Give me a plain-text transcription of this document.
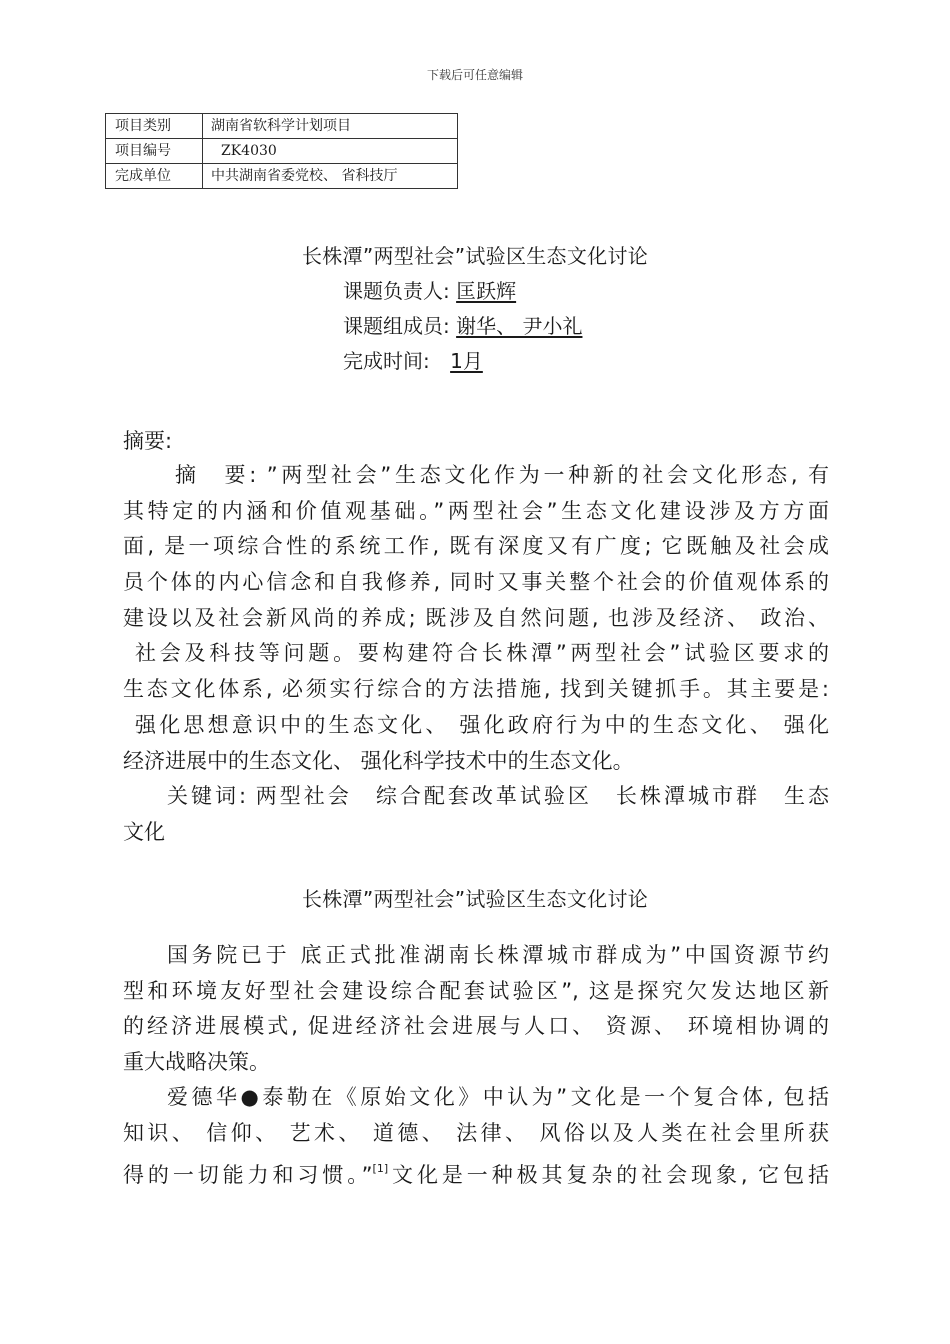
下载后可任意编辑
项目类别	湖南省软科学计划项目
项目编号	ZK4030
完成单位	中共湖南省委党校、 省科技厅
长株潭”两型社会”试验区生态文化讨论
课题负责人: 匡跃辉
课题组成员: 谢华、 尹小礼
完成时间: 1月
摘要:
摘　要: ”两型社会”生态文化作为一种新的社会文化形态, 有
其特定的内涵和价值观基础。”两型社会”生态文化建设涉及方方面
面, 是一项综合性的系统工作, 既有深度又有广度; 它既触及社会成
员个体的内心信念和自我修养, 同时又事关整个社会的价值观体系的
建设以及社会新风尚的养成; 既涉及自然问题, 也涉及经济、 政治、
社会及科技等问题。要构建符合长株潭”两型社会”试验区要求的
生态文化体系, 必须实行综合的方法措施, 找到关键抓手。其主要是:
强化思想意识中的生态文化、 强化政府行为中的生态文化、 强化
经济进展中的生态文化、 强化科学技术中的生态文化。
关键词: 两型社会　综合配套改革试验区　长株潭城市群　生态
文化
长株潭”两型社会”试验区生态文化讨论
国务院已于 底正式批准湖南长株潭城市群成为”中国资源节约
型和环境友好型社会建设综合配套试验区”, 这是探究欠发达地区新
的经济进展模式, 促进经济社会进展与人口、 资源、 环境相协调的
重大战略决策。
爱德华●泰勒在《原始文化》中认为”文化是一个复合体, 包括
知识、 信仰、 艺术、 道德、 法律、 风俗以及人类在社会里所获
得的一切能力和习惯。”[1]文化是一种极其复杂的社会现象, 它包括
